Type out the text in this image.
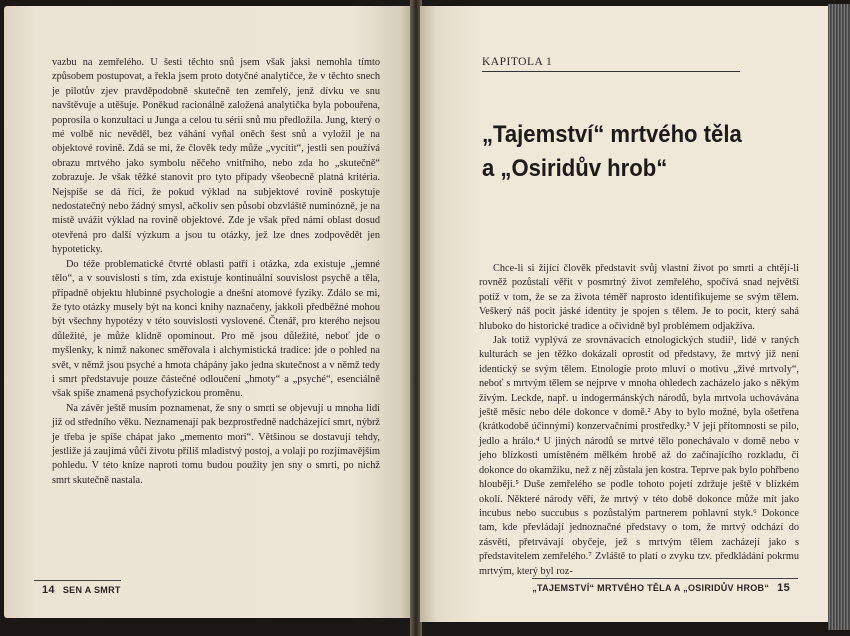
vazbu na zemřelého. U šesti těchto snů jsem však jaksi nemohla tímto způsobem postupovat, a řekla jsem proto dotyčné analytičce, že v těchto snech je pilotův zjev pravděpodobně skutečně ten zemřelý, jenž dívku ve snu navštěvuje a utěšuje. Poněkud racionálně založená analytička byla pobouřena, poprosila o konzultaci u Junga a celou tu sérii snů mu předložila. Jung, který o mé volbě nic nevěděl, bez váhání vyňal oněch šest snů a vyložil je na objektové rovině. Zdá se mi, že člověk tedy může „vycítit“, jestli sen používá obrazu mrtvého jako symbolu něčeho vnitřního, nebo zda ho „skutečně“ zobrazuje. Je však těžké stanovit pro tyto případy všeobecně platná kritéria. Nejspíše se dá říci, že pokud výklad na subjektové rovině poskytuje nedostatečný nebo žádný smysl, ačkoliv sen působí obzvláště numinózně, je na místě uvážit výklad na rovině objektové. Zde je však před námi oblast dosud otevřená pro další výzkum a jsou tu otázky, jež lze dnes zodpovědět jen hypoteticky.

Do téže problematické čtvrté oblasti patří i otázka, zda existuje „jemné tělo“, a v souvislosti s tím, zda existuje kontinuální souvislost psychě a těla, případně objektu hlubinné psychologie a dnešní atomové fyziky. Zdálo se mi, že tyto otázky musely být na konci knihy naznačeny, jakkoli předběžné mohou být všechny hypotézy v této souvislosti vyslovené. Čtenář, pro kterého nejsou důležité, je může klidně opominout. Pro mě jsou důležité, neboť jde o myšlenky, k nimž nakonec směřovala i alchymistická tradice: jde o pohled na svět, v němž jsou psyché a hmota chápány jako jedna skutečnost a v němž tedy i smrt představuje pouze částečné odloučení „hmoty“ a „psyché“, esenciálně však spíše znamená psychofyzickou proměnu.

Na závěr ještě musím poznamenat, že sny o smrti se objevují u mnoha lidí již od středního věku. Neznamenají pak bezprostředně nadcházející smrt, nýbrž je třeba je spíše chápat jako „memento mori“. Většinou se dostavují tehdy, jestliže já zaujímá vůči životu příliš mladistvý postoj, a volají po rozjímavějším pohledu. V této knize naproti tomu budou použity jen sny o smrti, po nichž smrt skutečně nastala.

14 SEN A SMRT
KAPITOLA 1
„Tajemství“ mrtvého těla
a „Osiridův hrob“

Chce-li si žijící člověk představit svůj vlastní život po smrti a chtějí-li rovněž pozůstalí věřit v posmrtný život zemřelého, spočívá snad největší potíž v tom, že se za života téměř naprosto identifikujeme se svým tělem. Veškerý náš pocit jáské identity je spojen s tělem. Je to pocit, který sahá hluboko do historické tradice a očividně byl problémem odjakživa.

Jak totiž vyplývá ze srovnávacích etnologických studií¹, lidé v raných kulturách se jen těžko dokázali oprostit od představy, že mrtvý již není identický se svým tělem. Etnologie proto mluví o motivu „živé mrtvoly“, neboť s mrtvým tělem se nejprve v mnoha ohledech zacházelo jako s někým živým. Leckde, např. u indogermánských národů, byla mrtvola uchovávána ještě měsíc nebo déle dokonce v domě.² Aby to bylo možné, byla ošetřena (krátkodobě účinnými) konzervačními prostředky.³ V její přítomnosti se pilo, jedlo a hrálo.⁴ U jiných národů se mrtvé tělo ponechávalo v domě nebo v jeho blízkosti umístěném mělkém hrobě až do začínajícího rozkladu, či dokonce do okamžiku, než z něj zůstala jen kostra. Teprve pak bylo pohřbeno hlouběji.⁵ Duše zemřelého se podle tohoto pojetí zdržuje ještě v blízkém okolí. Některé národy věří, že mrtvý v této době dokonce může mít jako incubus nebo succubus s pozůstalým partnerem pohlavní styk.⁶ Dokonce tam, kde převládají jednoznačné představy o tom, že mrtvý odchází do zásvětí, přetrvávají obyčeje, jež s mrtvým tělem zacházejí jako s představitelem zemřelého.⁷ Zvláště to platí o zvyku tzv. předkládání pokrmu mrtvým, který byl roz-

„TAJEMSTVÍ“ MRTVÉHO TĚLA A „OSIRIDŮV HROB“ 15
